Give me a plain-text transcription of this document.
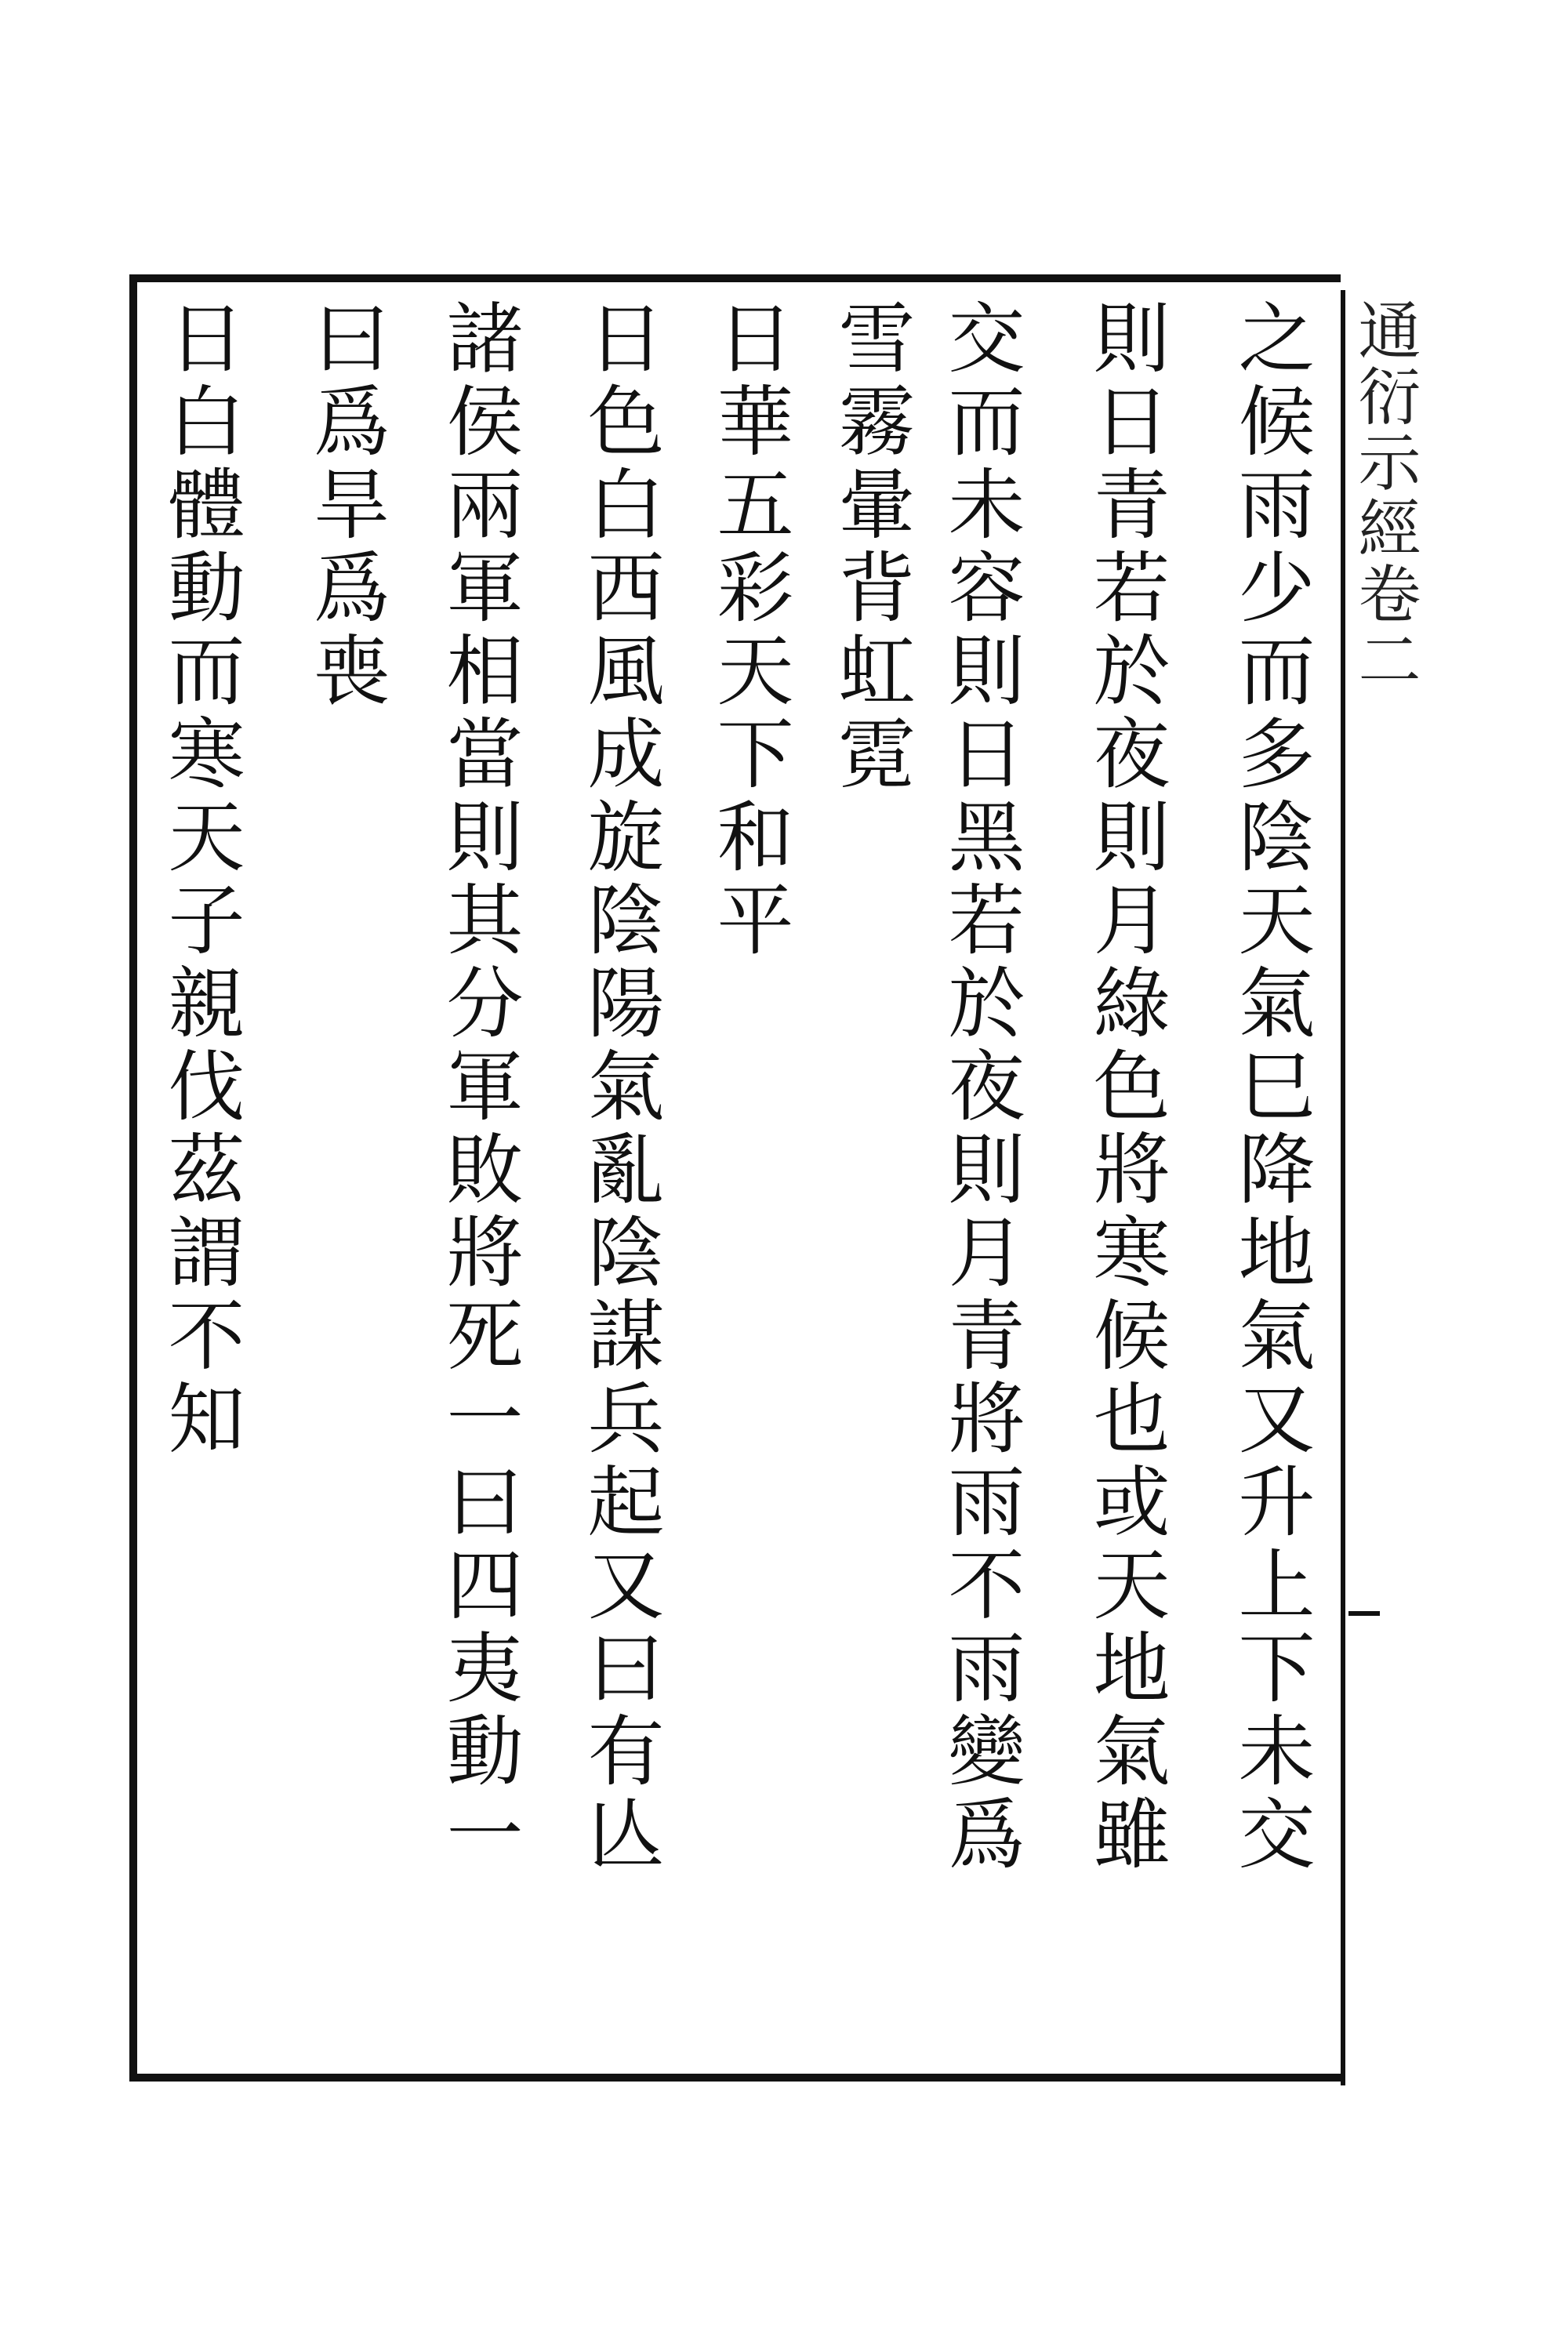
通衍示經卷二
之候雨少而多陰天氣巳降地氣又升上下未交
則日青若於夜則月綠色將寒候也或天地氣雖
交而未容則日黑若於夜則月青將雨不雨變爲
雪霧暈背虹霓
日華五彩天下和平
日色白西風成旋陰陽氣亂陰謀兵起又曰有亾
諸侯兩軍相當則其分軍敗將死一曰四夷動一
曰爲旱爲喪
日白體動而寒天子親伐茲謂不知
